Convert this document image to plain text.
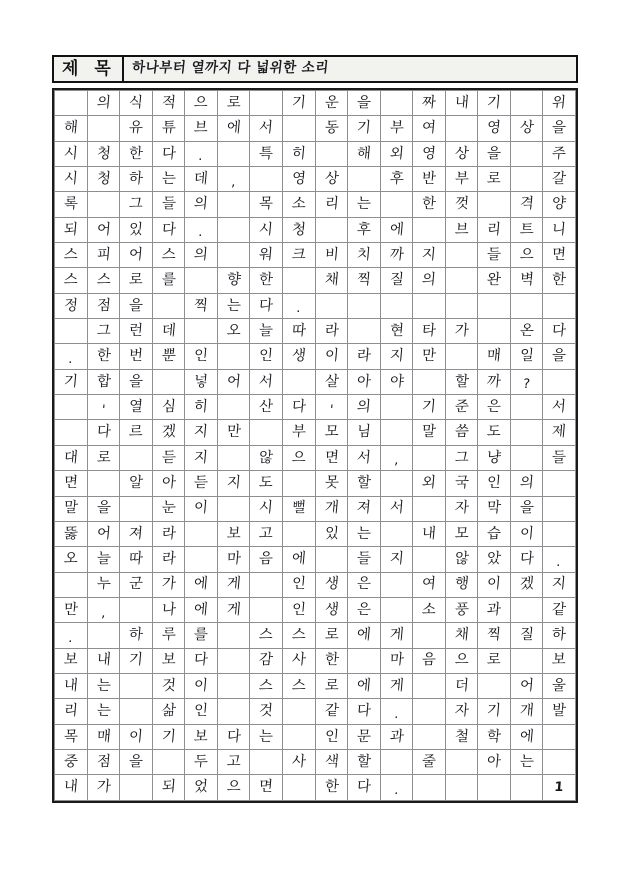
제 목	하나부터 열까지 다 넓위한 소리

	의	식	적	으	로		기	운	을		짜	내	기		위

해		유	튜	브	에	서		동	기	부	여		영	상	을

시	청	한	다	.		특	히		해	외	영	상	을		주

시	청	하	는	데	,		영	상		후	반	부	로		갈

록		그	들	의		목	소	리	는		한	껏		격	양

되	어	있	다	.		시	청		후	에		브	리	트	니

스	피	어	스	의		워	크	비	치	까	지		들	으	면

스	스	로	를		향	한		채	찍	질	의		완	벽	한

정	점	을		찍	는	다	.								

	그	런	데		오	늘	따	라		현	타	가		온	다

.	한	번	뿐	인		인	생	이	라	지	만		매	일	을

기	합	을		넣	어	서		살	아	야		할	까	?	

	'	열	심	히		산	다	'	의		기	준	은		서

	다	르	겠	지	만		부	모	님		말	씀	도		제

대	로		듣	지		않	으	면	서	,		그	냥		들

면		알	아	듣	지	도		못	할		외	국	인	의	

말	을		눈	이		시	뻘	개	져	서		자	막	을	

뚫	어	져	라		보	고		있	는		내	모	습	이	

오	늘	따	라		마	음	에		들	지		않	았	다	.

	누	군	가	에	게		인	생	은		여	행	이	겠	지

만	,		나	에	게		인	생	은		소	풍	과		같

.		하	루	를		스	스	로	에	게		채	찍	질	하

보	내	기	보	다		감	사	한		마	음	으	로		보

내	는		것	이		스	스	로	에	게		더		어	울

리	는		삶	인		것		같	다	.		자	기	개	발

목	매	이	기	보	다	는		인	문	과		철	학	에	

중	점	을		두	고		사	색	할		줄		아	는	

내	가		되	었	으	면		한	다	.					1
